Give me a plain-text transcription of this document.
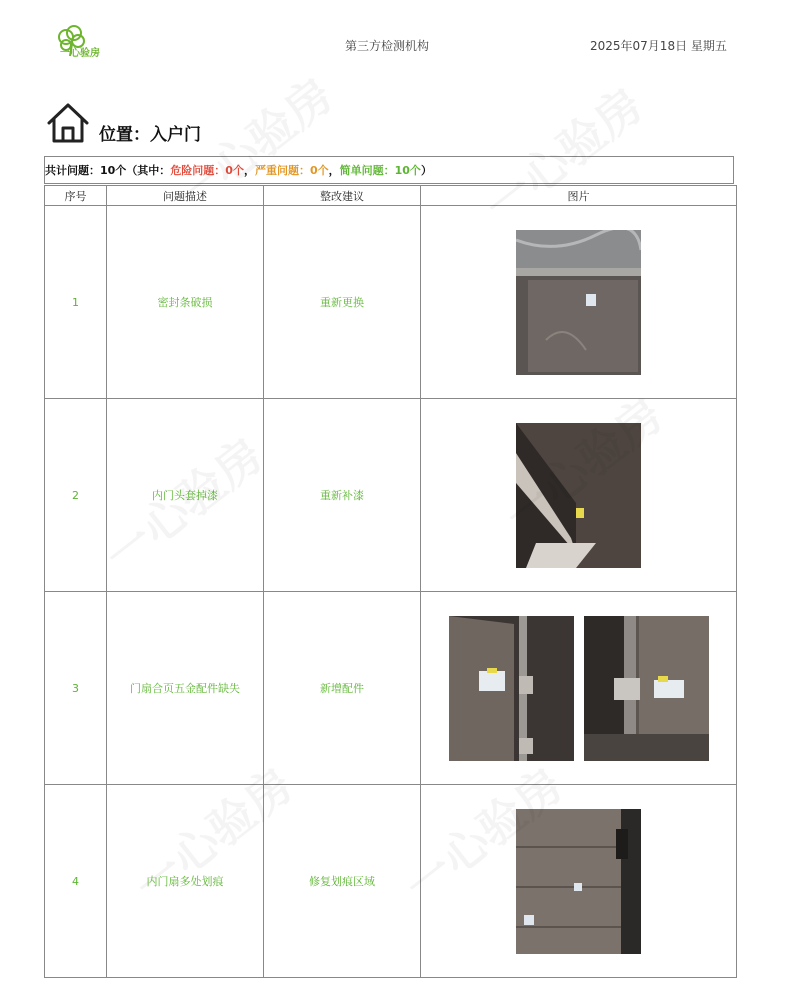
一心验房
第三方检测机构	2025年07月18日 星期五
位置：入户门
共计问题：10个（其中：危险问题：0个，严重问题：0个，简单问题：10个）
序号	问题描述	整改建议	图片
1	密封条破损	重新更换	

2	内门头套掉漆	重新补漆	

3	门扇合页五金配件缺失	新增配件	

4	内门扇多处划痕	修复划痕区域	
